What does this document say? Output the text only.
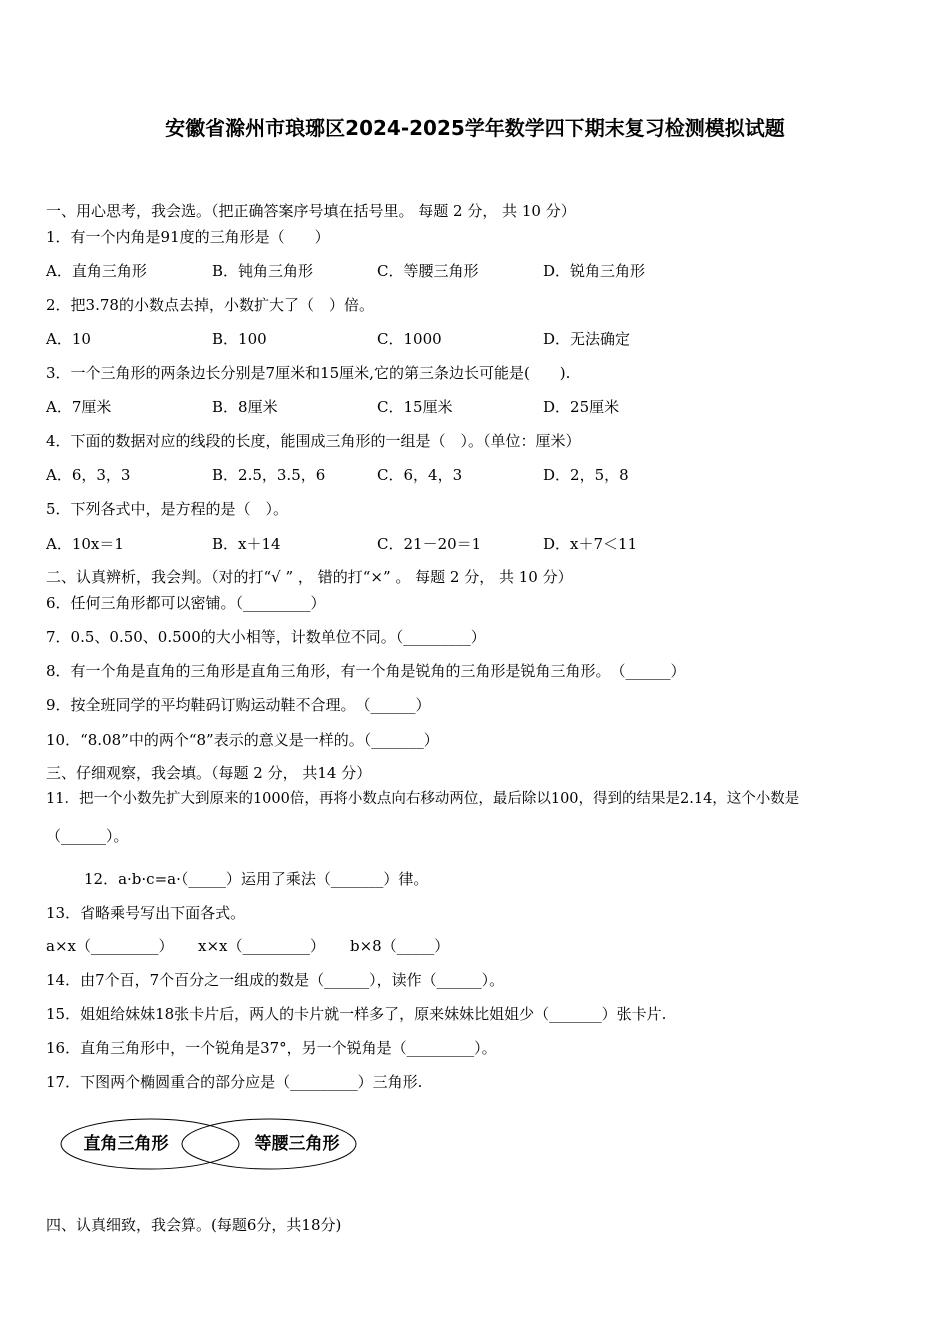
安徽省滁州市琅琊区2024-2025学年数学四下期末复习检测模拟试题
一、用心思考，我会选。（把正确答案序号填在括号里。 每题 2 分， 共 10 分）
1．有一个内角是91度的三角形是（　　）
A．直角三角形	B．钝角三角形	C．等腰三角形	D．锐角三角形
2．把3.78的小数点去掉，小数扩大了（　）倍。
A．10	B．100	C．1000	D．无法确定
3．一个三角形的两条边长分别是7厘米和15厘米,它的第三条边长可能是(　　).
A．7厘米	B．8厘米	C．15厘米	D．25厘米
4．下面的数据对应的线段的长度，能围成三角形的一组是（　）。（单位：厘米）
A．6，3，3	B．2.5，3.5，6	C．6，4，3	D．2，5，8
5．下列各式中，是方程的是（　）。
A．10x＝1	B．x＋14	C．21－20＝1	D．x＋7＜11
二、认真辨析，我会判。（对的打“√ ” ， 错的打“×” 。 每题 2 分， 共 10 分）
6．任何三角形都可以密铺。（_________）
7．0.5、0.50、0.500的大小相等，计数单位不同。（_________）
8．有一个角是直角的三角形是直角三角形，有一个角是锐角的三角形是锐角三角形。　（______）
9．按全班同学的平均鞋码订购运动鞋不合理。　（______）
10．“8.08”中的两个“8”表示的意义是一样的。（_______）
三、仔细观察，我会填。（每题 2 分， 共14 分）
11．把一个小数先扩大到原来的1000倍，再将小数点向右移动两位，最后除以100，得到的结果是2.14，这个小数是
（______）。
12．a·b·c=a·（_____）运用了乘法（_______）律。
13．省略乘号写出下面各式。
a×x（_________） x×x（_________） b×8（_____）
14．由7个百，7个百分之一组成的数是（______），读作（______）。
15．姐姐给妹妹18张卡片后，两人的卡片就一样多了，原来妹妹比姐姐少（_______）张卡片.
16．直角三角形中，一个锐角是37°，另一个锐角是（_________）。
17．下图两个椭圆重合的部分应是（_________）三角形.
直角三角形	等腰三角形
四、认真细致，我会算。(每题6分，共18分)
